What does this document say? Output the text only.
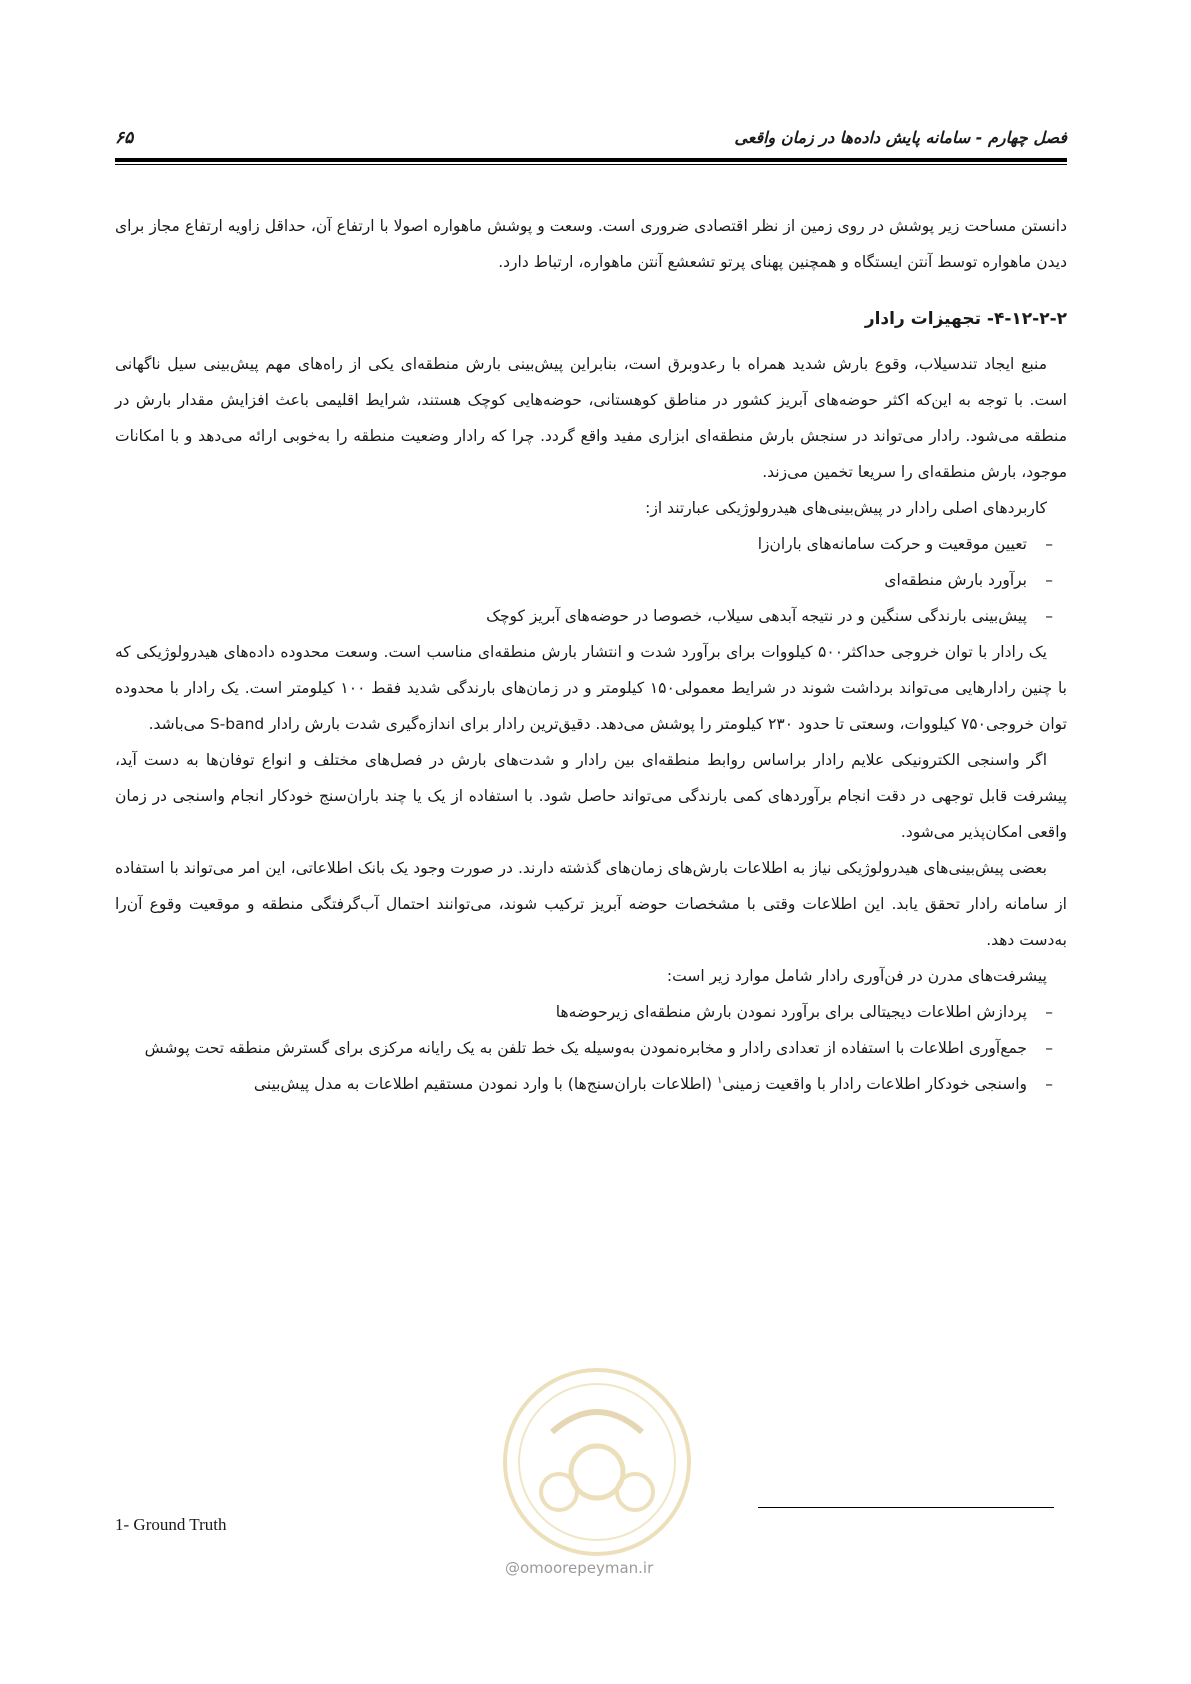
فصل چهارم - سامانه پایش داده‌ها در زمان واقعی
۶۵

دانستن مساحت زیر پوشش در روی زمین از نظر اقتصادی ضروری است. وسعت و پوشش ماهواره اصولا با ارتفاع آن، حداقل زاویه ارتفاع مجاز برای دیدن ماهواره توسط آنتن ایستگاه و همچنین پهنای پرتو تشعشع آنتن ماهواره، ارتباط دارد.

۴-۱۲-۲-۲- تجهیزات رادار

منبع ایجاد تندسیلاب، وقوع بارش شدید همراه با رعدوبرق است، بنابراین پیش‌بینی بارش منطقه‌ای یکی از راه‌های مهم پیش‌بینی سیل ناگهانی است. با توجه به این‌که اکثر حوضه‌های آبریز کشور در مناطق کوهستانی، حوضه‌هایی کوچک هستند، شرایط اقلیمی باعث افزایش مقدار بارش در منطقه می‌شود. رادار می‌تواند در سنجش بارش منطقه‌ای ابزاری مفید واقع گردد. چرا که رادار وضعیت منطقه را به‌خوبی ارائه می‌دهد و با امکانات موجود، بارش منطقه‌ای را سریعا تخمین می‌زند.

کاربردهای اصلی رادار در پیش‌بینی‌های هیدرولوژیکی عبارتند از:

– تعیین موقعیت و حرکت سامانه‌های باران‌زا

– برآورد بارش منطقه‌ای

– پیش‌بینی بارندگی سنگین و در نتیجه آبدهی سیلاب، خصوصا در حوضه‌های آبریز کوچک

یک رادار با توان خروجی حداکثر۵۰۰ کیلووات برای برآورد شدت و انتشار بارش منطقه‌ای مناسب است. وسعت محدوده داده‌های هیدرولوژیکی که با چنین رادارهایی می‌تواند برداشت شوند در شرایط معمولی۱۵۰ کیلومتر و در زمان‌های بارندگی شدید فقط ۱۰۰ کیلومتر است. یک رادار با محدوده توان خروجی۷۵۰ کیلووات، وسعتی تا حدود ۲۳۰ کیلومتر را پوشش می‌دهد. دقیق‌ترین رادار برای اندازه‌گیری شدت بارش رادار S-band می‌باشد.

اگر واسنجی الکترونیکی علایم رادار براساس روابط منطقه‌ای بین رادار و شدت‌های بارش در فصل‌های مختلف و انواع توفان‌ها به دست آید، پیشرفت قابل توجهی در دقت انجام برآوردهای کمی بارندگی می‌تواند حاصل شود. با استفاده از یک یا چند باران‌سنج خودکار انجام واسنجی در زمان واقعی امکان‌پذیر می‌شود.

بعضی پیش‌بینی‌های هیدرولوژیکی نیاز به اطلاعات بارش‌های زمان‌های گذشته دارند. در صورت وجود یک بانک اطلاعاتی، این امر می‌تواند با استفاده از سامانه رادار تحقق یابد. این اطلاعات وقتی با مشخصات حوضه آبریز ترکیب شوند، می‌توانند احتمال آب‌گرفتگی منطقه و موقعیت وقوع آن‌را به‌دست دهد.

پیشرفت‌های مدرن در فن‌آوری رادار شامل موارد زیر است:

– پردازش اطلاعات دیجیتالی برای برآورد نمودن بارش منطقه‌ای زیرحوضه‌ها

– جمع‌آوری اطلاعات با استفاده از تعدادی رادار و مخابره‌نمودن به‌وسیله یک خط تلفن به یک رایانه مرکزی برای گسترش منطقه تحت پوشش

– واسنجی خودکار اطلاعات رادار با واقعیت زمینی$^۱$ (اطلاعات باران‌سنج‌ها) با وارد نمودن مستقیم اطلاعات به مدل پیش‌بینی

@omoorepeyman.ir
1- Ground Truth
